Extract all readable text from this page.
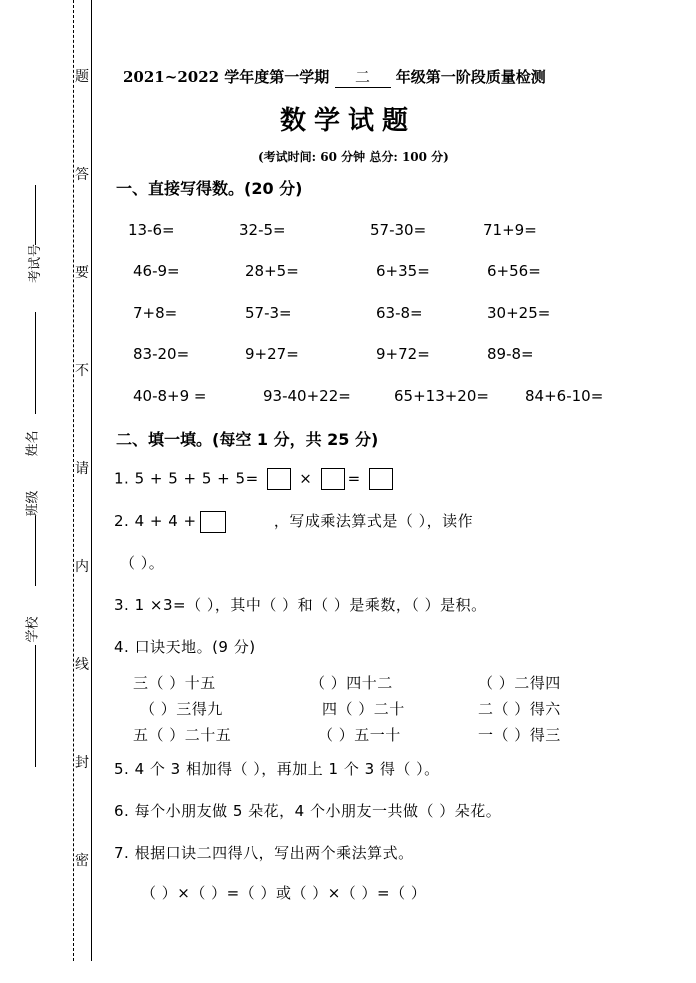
题
答
要
不
请
内
线
封
密
考试号
姓名
班级
学校
2021~2022 学年度第一学期 二 年级第一阶段质量检测
数学试题
(考试时间: 60 分钟 总分: 100 分)
一、直接写得数。(20 分)
13-6=	32-5=	57-30=	71+9=
46-9=	28+5=	6+35=	6+56=
7+8=	57-3=	63-8=	30+25=
83-20=	9+27=	9+72=	89-8=
40-8+9 =	93-40+22=	65+13+20= 84+6-10=
二、填一填。(每空 1 分，共 25 分)
1. 5 + 5 + 5 + 5=	× =
2. 4 + 4 +	，写成乘法算式是（ ），读作
（ ）。
3. 1 ×3=（ ），其中（ ）和（ ）是乘数，（ ）是积。
4. 口诀天地。(9 分)
三（ ）十五	（ ）四十二	（ ）二得四
（ ）三得九	四（ ）二十	二（ ）得六
五（ ）二十五	（ ）五一十	一（ ）得三
5. 4 个 3 相加得（ ），再加上 1 个 3 得（ ）。
6. 每个小朋友做 5 朵花，4 个小朋友一共做（ ）朵花。
7. 根据口诀二四得八，写出两个乘法算式。
（ ）×（ ）=（ ）或（ ）×（ ）=（ ）
